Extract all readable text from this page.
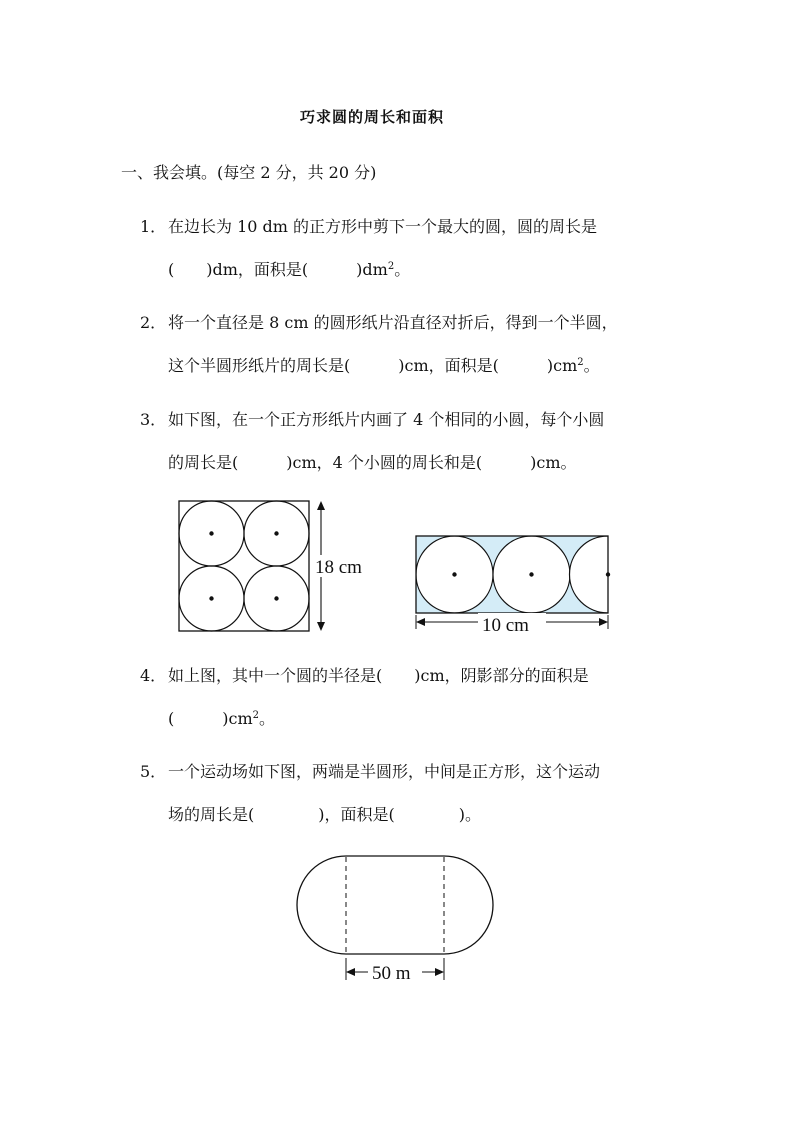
巧求圆的周长和面积
一、我会填。(每空 2 分，共 20 分)
1． 在边长为 10 dm 的正方形中剪下一个最大的圆，圆的周长是
(　　)dm，面积是(　　　)$dm^2$。
2． 将一个直径是 8 cm 的圆形纸片沿直径对折后，得到一个半圆，
这个半圆形纸片的周长是(　　　)cm，面积是(　　　)$cm^2$。
3． 如下图，在一个正方形纸片内画了 4 个相同的小圆，每个小圆
的周长是(　　　)cm，4 个小圆的周长和是(　　　)cm。
18 cm
10 cm
4． 如上图，其中一个圆的半径是(　　)cm，阴影部分的面积是
(　　　)$cm^2$。
5． 一个运动场如下图，两端是半圆形，中间是正方形，这个运动
场的周长是(　　　　)，面积是(　　　　)。
50 m
